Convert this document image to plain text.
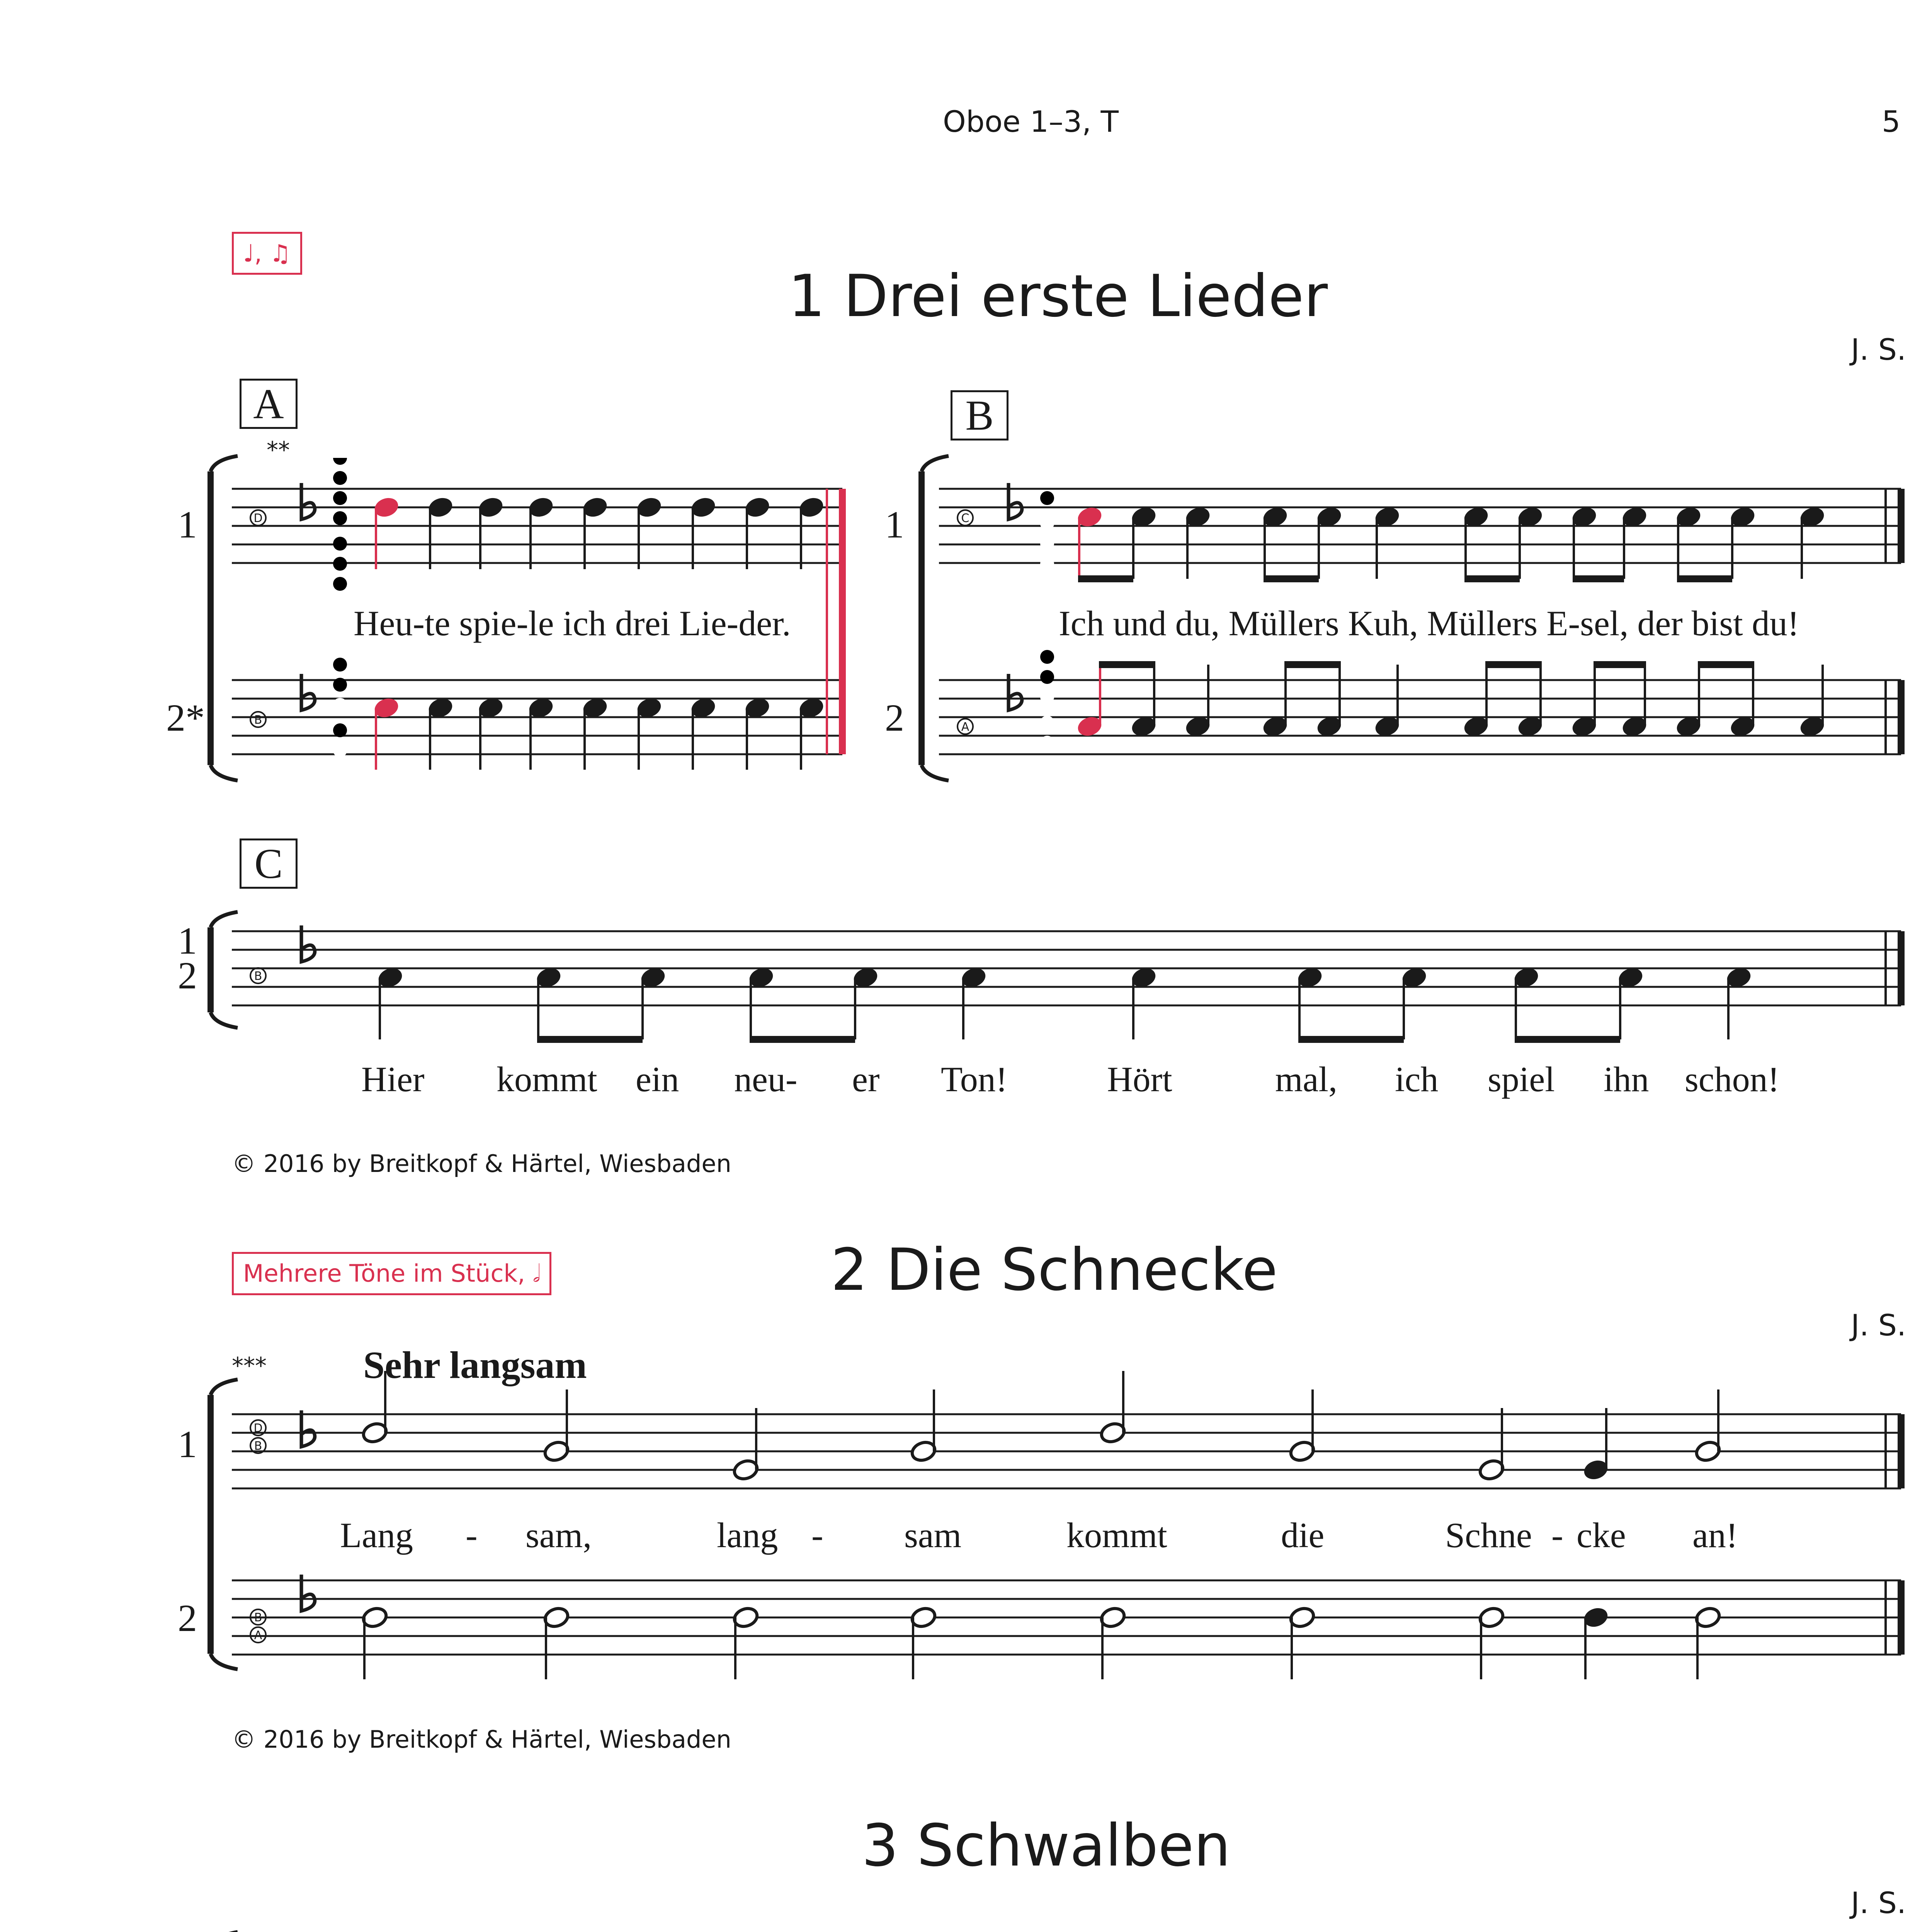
Oboe 1–3, T	5
♩, ♫
1 Drei erste Lieder
J. S.
A	B
C
**
1
2*
1
2
1
2
Heu-te spie-le ich drei Lie-der.	Ich und du, Müllers Kuh, Müllers E-sel, der bist du!
Hier kommt ein neu- er Ton!	Hört	mal, ich spiel ihn schon!
© 2016 by Breitkopf & Härtel, Wiesbaden
Mehrere Töne im Stück, 𝅗𝅥	2 Die Schnecke
J. S.
***	Sehr langsam
1
2
Lang - sam,	lang - sam	kommt	die	Schne - cke an!
© 2016 by Breitkopf & Härtel, Wiesbaden
3 Schwalben
J. S.
D
B
C
A
B
D
B
B
A
